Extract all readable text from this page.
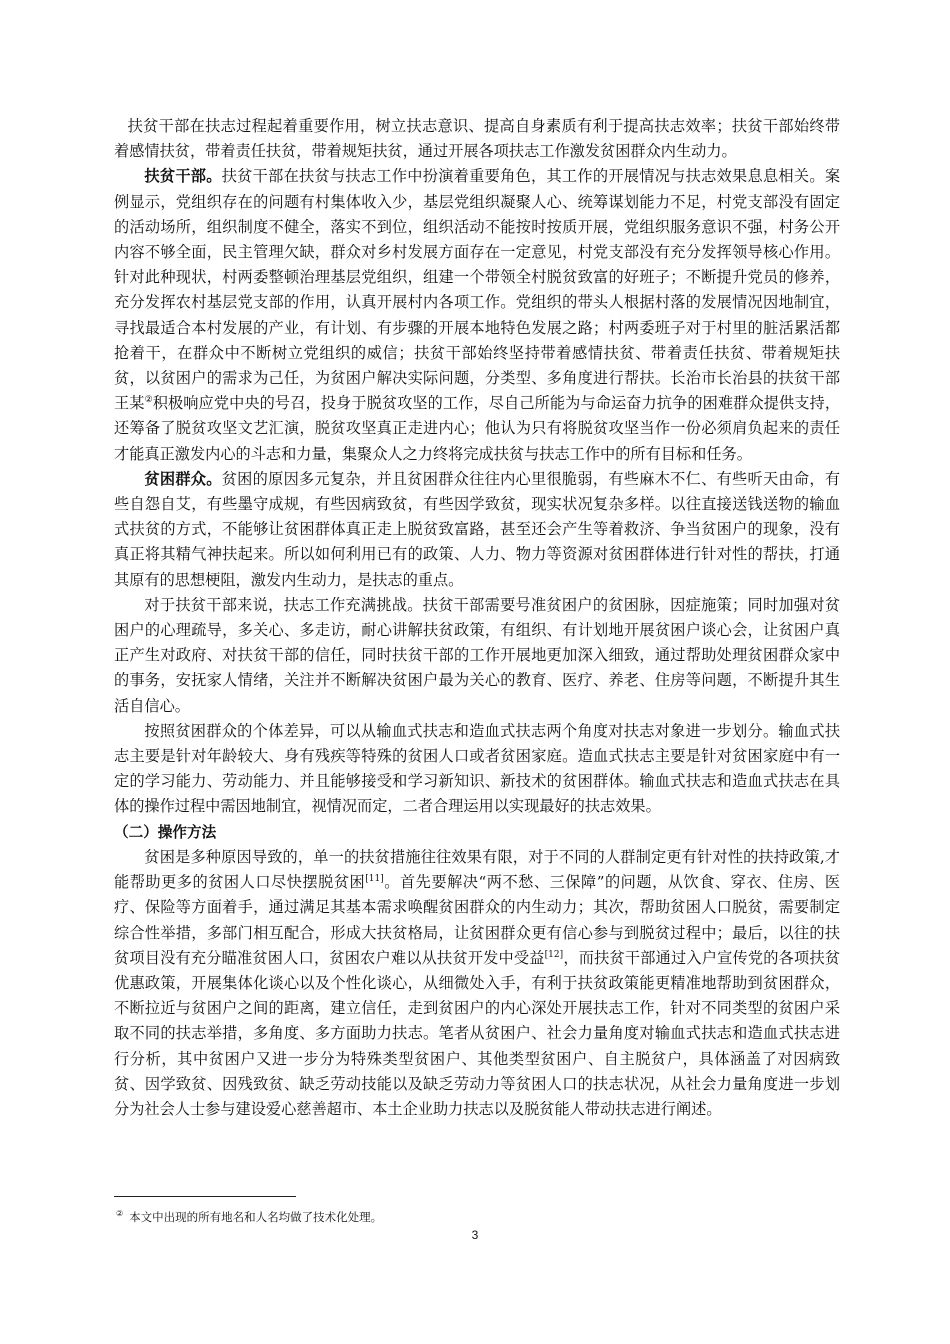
扶贫干部在扶志过程起着重要作用，树立扶志意识、提高自身素质有利于提高扶志效率；扶贫干部始终带着感情扶贫，带着责任扶贫，带着规矩扶贫，通过开展各项扶志工作激发贫困群众内生动力。

扶贫干部。扶贫干部在扶贫与扶志工作中扮演着重要角色，其工作的开展情况与扶志效果息息相关。案例显示，党组织存在的问题有村集体收入少，基层党组织凝聚人心、统筹谋划能力不足，村党支部没有固定的活动场所，组织制度不健全，落实不到位，组织活动不能按时按质开展，党组织服务意识不强，村务公开内容不够全面，民主管理欠缺，群众对乡村发展方面存在一定意见，村党支部没有充分发挥领导核心作用。针对此种现状，村两委整顿治理基层党组织，组建一个带领全村脱贫致富的好班子；不断提升党员的修养，充分发挥农村基层党支部的作用，认真开展村内各项工作。党组织的带头人根据村落的发展情况因地制宜，寻找最适合本村发展的产业，有计划、有步骤的开展本地特色发展之路；村两委班子对于村里的脏活累活都抢着干，在群众中不断树立党组织的威信；扶贫干部始终坚持带着感情扶贫、带着责任扶贫、带着规矩扶贫，以贫困户的需求为己任，为贫困户解决实际问题，分类型、多角度进行帮扶。长治市长治县的扶贫干部王某②积极响应党中央的号召，投身于脱贫攻坚的工作，尽自己所能为与命运奋力抗争的困难群众提供支持，还筹备了脱贫攻坚文艺汇演，脱贫攻坚真正走进内心；他认为只有将脱贫攻坚当作一份必须肩负起来的责任才能真正激发内心的斗志和力量，集聚众人之力终将完成扶贫与扶志工作中的所有目标和任务。

贫困群众。贫困的原因多元复杂，并且贫困群众往往内心里很脆弱，有些麻木不仁、有些听天由命，有些自怨自艾，有些墨守成规，有些因病致贫，有些因学致贫，现实状况复杂多样。以往直接送钱送物的输血式扶贫的方式，不能够让贫困群体真正走上脱贫致富路，甚至还会产生等着救济、争当贫困户的现象，没有真正将其精气神扶起来。所以如何利用已有的政策、人力、物力等资源对贫困群体进行针对性的帮扶，打通其原有的思想梗阻，激发内生动力，是扶志的重点。

对于扶贫干部来说，扶志工作充满挑战。扶贫干部需要号准贫困户的贫困脉，因症施策；同时加强对贫困户的心理疏导，多关心、多走访，耐心讲解扶贫政策，有组织、有计划地开展贫困户谈心会，让贫困户真正产生对政府、对扶贫干部的信任，同时扶贫干部的工作开展地更加深入细致，通过帮助处理贫困群众家中的事务，安抚家人情绪，关注并不断解决贫困户最为关心的教育、医疗、养老、住房等问题，不断提升其生活自信心。

按照贫困群众的个体差异，可以从输血式扶志和造血式扶志两个角度对扶志对象进一步划分。输血式扶志主要是针对年龄较大、身有残疾等特殊的贫困人口或者贫困家庭。造血式扶志主要是针对贫困家庭中有一定的学习能力、劳动能力、并且能够接受和学习新知识、新技术的贫困群体。输血式扶志和造血式扶志在具体的操作过程中需因地制宜，视情况而定，二者合理运用以实现最好的扶志效果。

（二）操作方法

贫困是多种原因导致的，单一的扶贫措施往往效果有限，对于不同的人群制定更有针对性的扶持政策,才能帮助更多的贫困人口尽快摆脱贫困[11]。首先要解决“两不愁、三保障”的问题，从饮食、穿衣、住房、医疗、保险等方面着手，通过满足其基本需求唤醒贫困群众的内生动力；其次，帮助贫困人口脱贫，需要制定综合性举措，多部门相互配合，形成大扶贫格局，让贫困群众更有信心参与到脱贫过程中；最后，以往的扶贫项目没有充分瞄准贫困人口，贫困农户难以从扶贫开发中受益[12]，而扶贫干部通过入户宣传党的各项扶贫优惠政策，开展集体化谈心以及个性化谈心，从细微处入手，有利于扶贫政策能更精准地帮助到贫困群众，不断拉近与贫困户之间的距离，建立信任，走到贫困户的内心深处开展扶志工作，针对不同类型的贫困户采取不同的扶志举措，多角度、多方面助力扶志。笔者从贫困户、社会力量角度对输血式扶志和造血式扶志进行分析，其中贫困户又进一步分为特殊类型贫困户、其他类型贫困户、自主脱贫户，具体涵盖了对因病致贫、因学致贫、因残致贫、缺乏劳动技能以及缺乏劳动力等贫困人口的扶志状况，从社会力量角度进一步划分为社会人士参与建设爱心慈善超市、本土企业助力扶志以及脱贫能人带动扶志进行阐述。

② 本文中出现的所有地名和人名均做了技术化处理。
3
